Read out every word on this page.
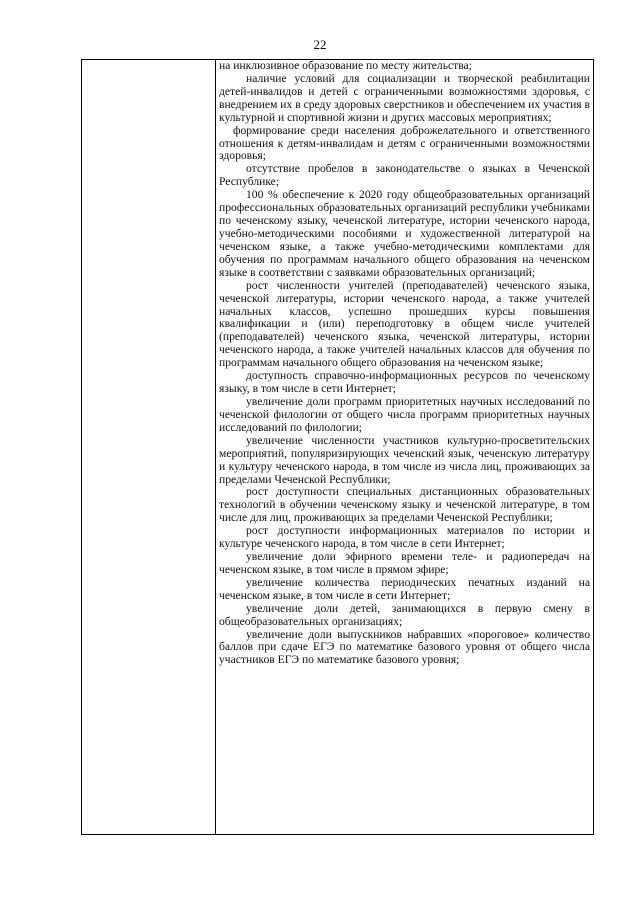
22

на инклюзивное образование по месту жительства;

наличие условий для социализации и творческой реабилитации детей-инвалидов и детей с ограниченными возможностями здоровья, с внедрением их в среду здоровых сверстников и обеспечением их участия в культурной и спортивной жизни и других массовых мероприятиях;

формирование среди населения доброжелательного и ответственного отношения к детям-инвалидам и детям с ограниченными возможностями здоровья;

отсутствие пробелов в законодательстве о языках в Чеченской Республике;

100 % обеспечение к 2020 году общеобразовательных организаций профессиональных образовательных организаций республики учебниками по чеченскому языку, чеченской литературе, истории чеченского народа, учебно-методическими пособиями и художественной литературой на чеченском языке, а также учебно-методическими комплектами для обучения по программам начального общего образования на чеченском языке в соответствии с заявками образовательных организаций;

рост численности учителей (преподавателей) чеченского языка, чеченской литературы, истории чеченского народа, а также учителей начальных классов, успешно прошедших курсы повышения квалификации и (или) переподготовку в общем числе учителей (преподавателей) чеченского языка, чеченской литературы, истории чеченского народа, а также учителей начальных классов для обучения по программам начального общего образования на чеченском языке;

доступность справочно-информационных ресурсов по чеченскому языку, в том числе в сети Интернет;

увеличение доли программ приоритетных научных исследований по чеченской филологии от общего числа программ приоритетных научных исследований по филологии;

увеличение численности участников культурно-просветительских мероприятий, популяризирующих чеченский язык, чеченскую литературу и культуру чеченского народа, в том числе из числа лиц, проживающих за пределами Чеченской Республики;

рост доступности специальных дистанционных образовательных технологий в обучении чеченскому языку и чеченской литературе, в том числе для лиц, проживающих за пределами Чеченской Республики;

рост доступности информационных материалов по истории и культуре чеченского народа, в том числе в сети Интернет;

увеличение доли эфирного времени теле- и радиопередач на чеченском языке, в том числе в прямом эфире;

увеличение количества периодических печатных изданий на чеченском языке, в том числе в сети Интернет;

увеличение доли детей, занимающихся в первую смену в общеобразовательных организациях;

увеличение доли выпускников набравших «пороговое» количество баллов при сдаче ЕГЭ по математике базового уровня от общего числа участников ЕГЭ по математике базового уровня;
